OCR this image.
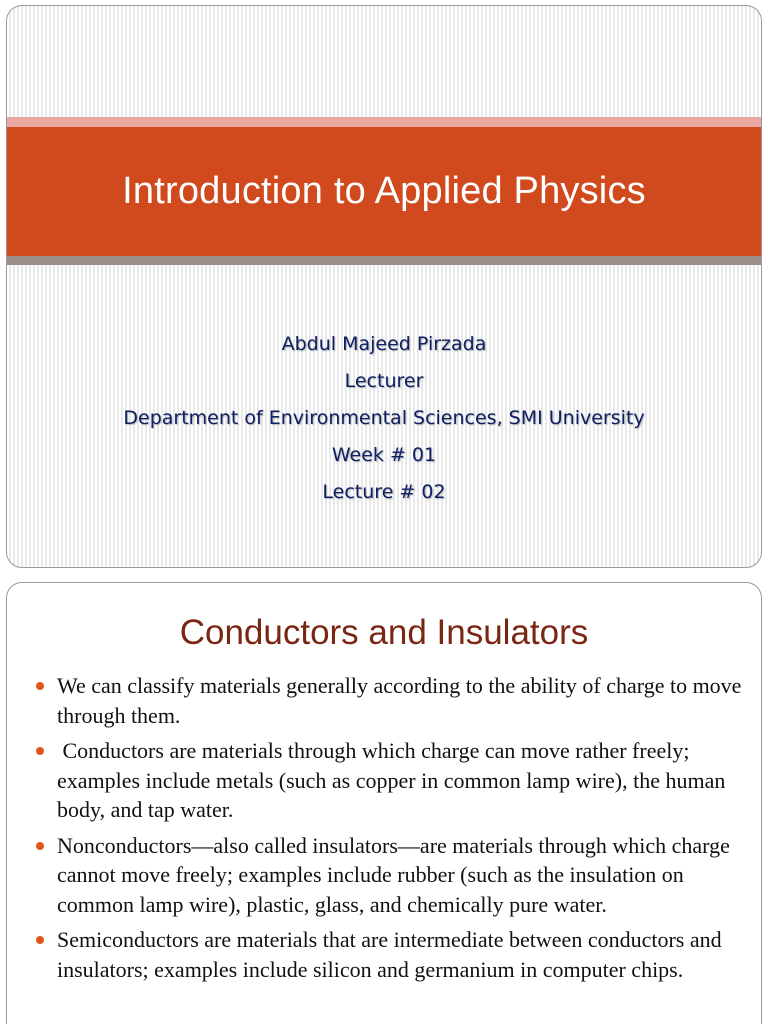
Introduction to Applied Physics
Abdul Majeed Pirzada
Lecturer
Department of Environmental Sciences, SMI University
Week # 01
Lecture # 02
Conductors and Insulators
We can classify materials generally according to the ability of charge to move through them.
Conductors are materials through which charge can move rather freely; examples include metals (such as copper in common lamp wire), the human body, and tap water.
Nonconductors—also called insulators—are materials through which charge cannot move freely; examples include rubber (such as the insulation on common lamp wire), plastic, glass, and chemically pure water.
Semiconductors are materials that are intermediate between conductors and insulators; examples include silicon and germanium in computer chips.
